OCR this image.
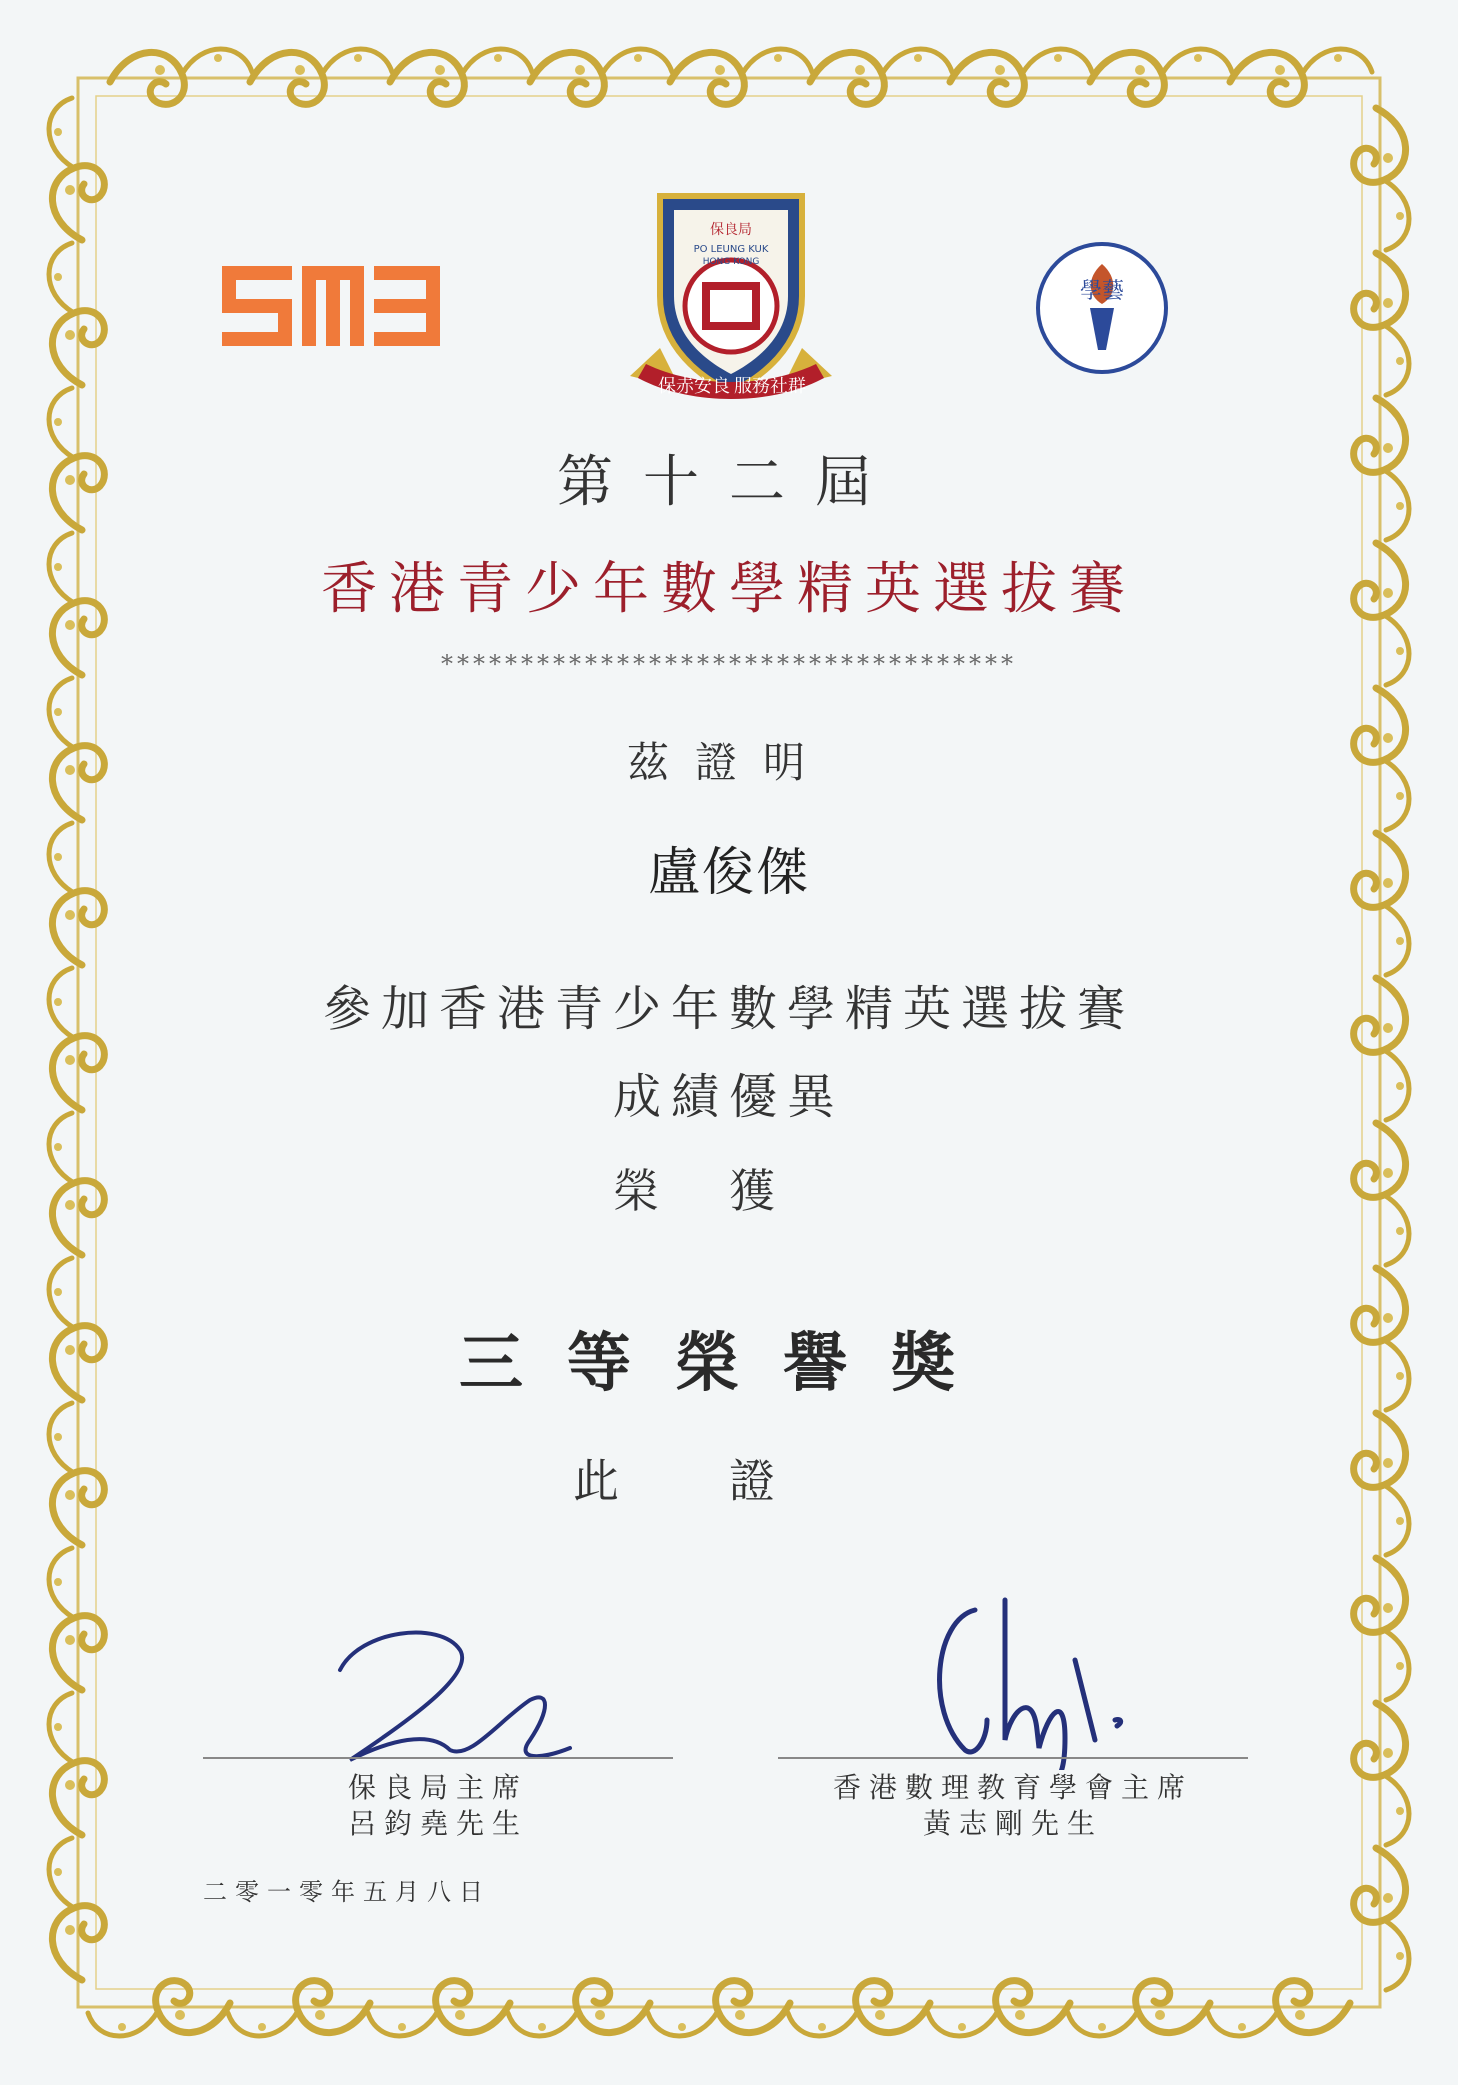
保良局
PO LEUNG KUK
HONG KONG
保赤安良 服務社群
學藝
第十二屆
香港青少年數學精英選拔賽
************************************
茲證明
盧俊傑
參加香港青少年數學精英選拔賽
成績優異
榮獲
三等榮譽獎
此證
保良局主席
呂鈞堯先生
香港數理教育學會主席
黃志剛先生
二零一零年五月八日
